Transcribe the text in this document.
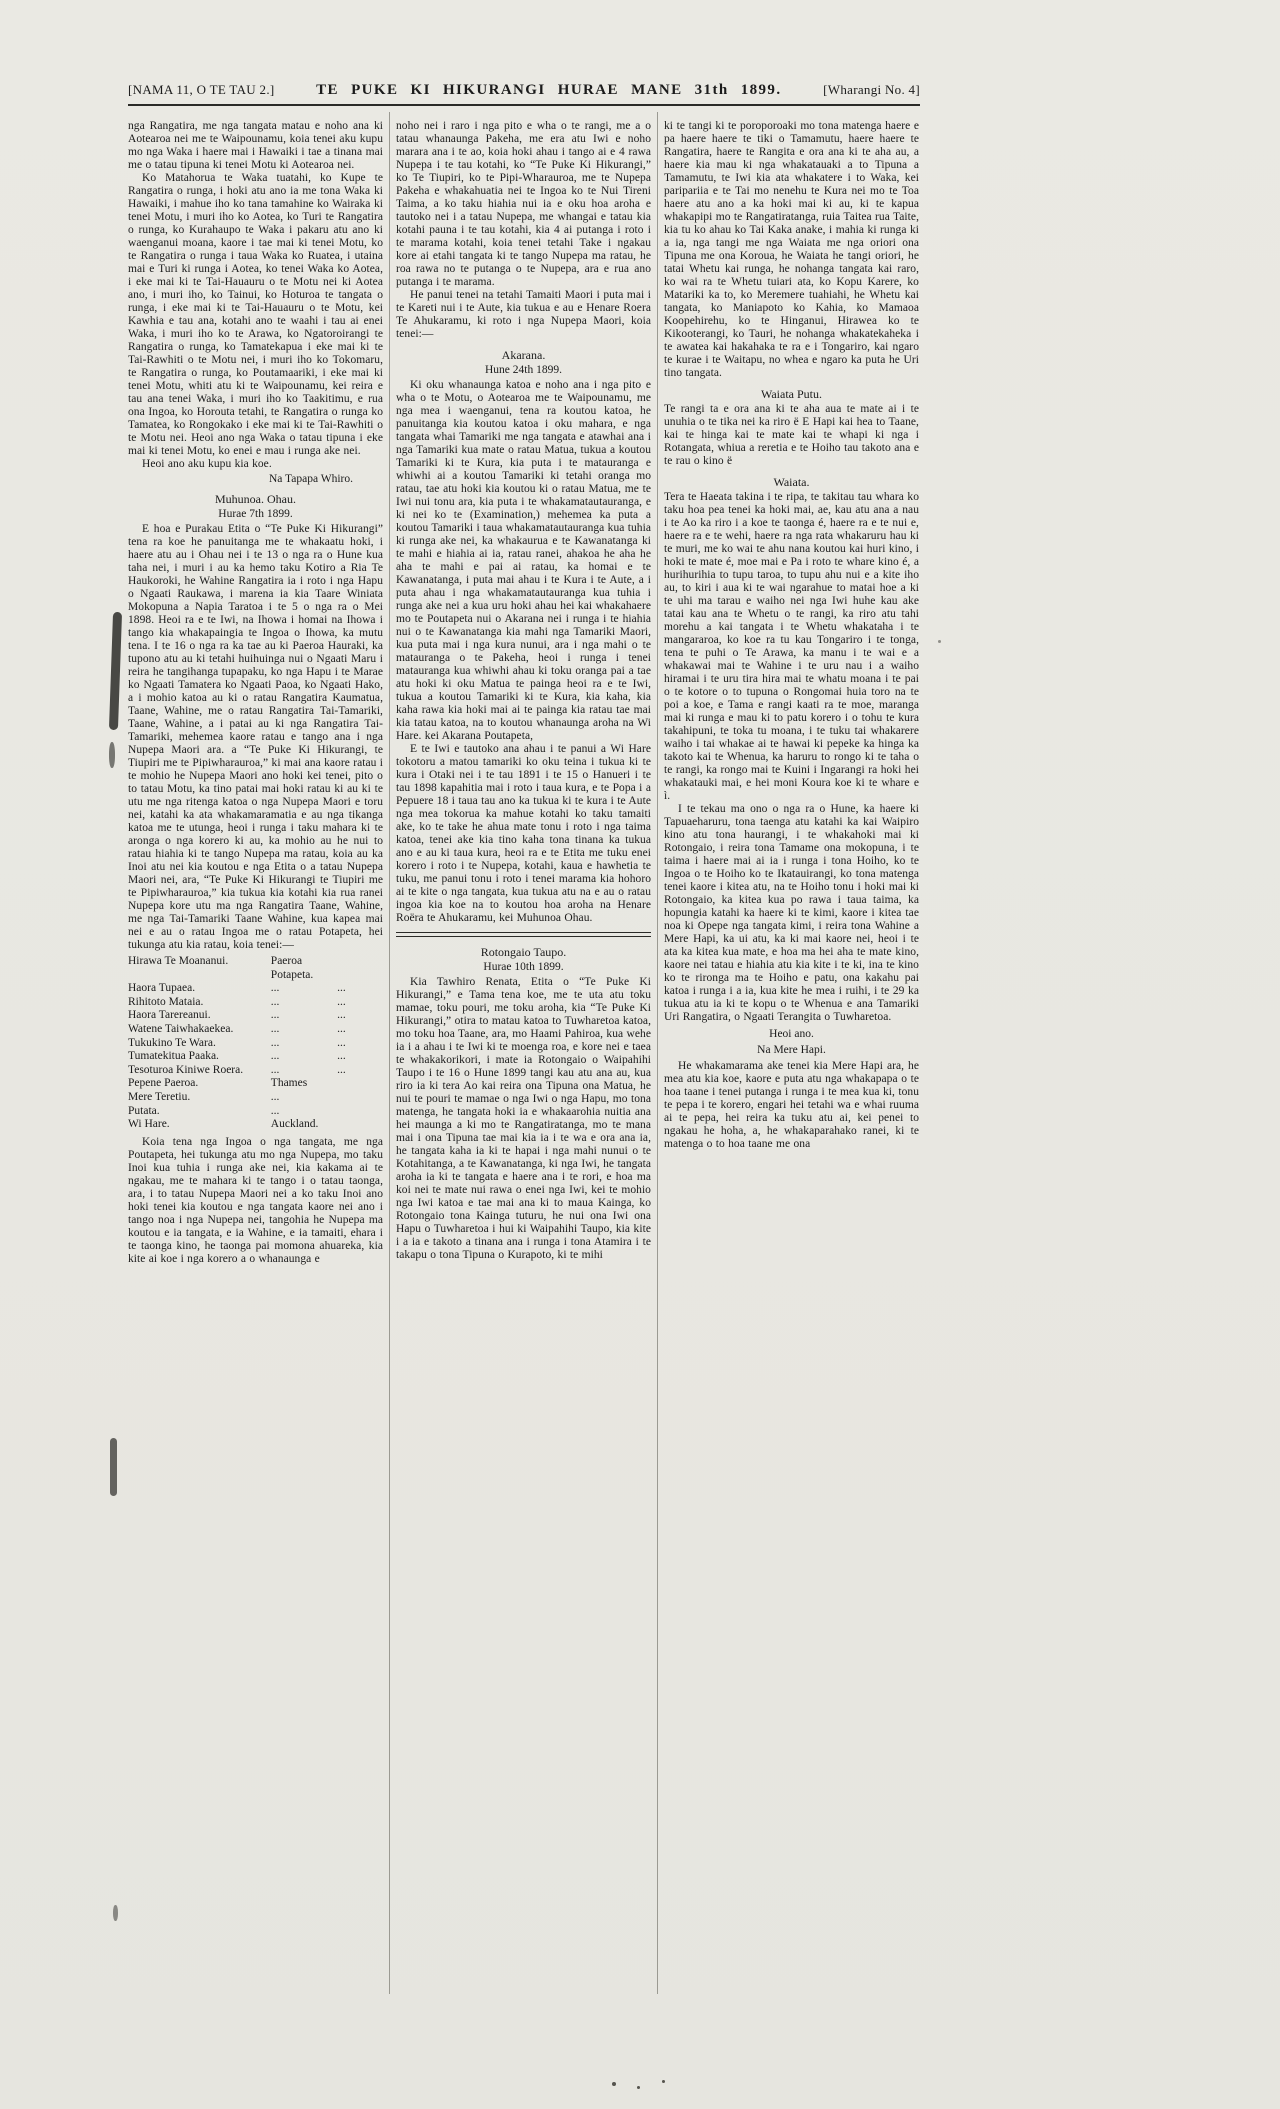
[NAMA 11, O TE TAU 2.]	TE PUKE KI HIKURANGI HURAE MANE 31th 1899.	[Wharangi No. 4]

nga Rangatira, me nga tangata matau e noho ana ki Aotearoa nei me te Waipounamu, koia tenei aku kupu mo nga Waka i haere mai i Hawaiki i tae a tinana mai me o tatau tipuna ki tenei Motu ki Aotearoa nei.

Ko Matahorua te Waka tuatahi, ko Kupe te Rangatira o runga, i hoki atu ano ia me tona Waka ki Hawaiki, i mahue iho ko tana tamahine ko Wairaka ki tenei Motu, i muri iho ko Aotea, ko Turi te Rangatira o runga, ko Kurahaupo te Waka i pakaru atu ano ki waenganui moana, kaore i tae mai ki tenei Motu, ko te Rangatira o runga i taua Waka ko Ruatea, i utaina mai e Turi ki runga i Aotea, ko tenei Waka ko Aotea, i eke mai ki te Tai-Hauauru o te Motu nei ki Aotea ano, i muri iho, ko Tainui, ko Hoturoa te tangata o runga, i eke mai ki te Tai-Hauauru o te Motu, kei Kawhia e tau ana, kotahi ano te waahi i tau ai enei Waka, i muri iho ko te Arawa, ko Ngatoroirangi te Rangatira o runga, ko Tamatekapua i eke mai ki te Tai-Rawhiti o te Motu nei, i muri iho ko Tokomaru, te Rangatira o runga, ko Poutamaariki, i eke mai ki tenei Motu, whiti atu ki te Waipounamu, kei reira e tau ana tenei Waka, i muri iho ko Taakitimu, e rua ona Ingoa, ko Horouta tetahi, te Rangatira o runga ko Tamatea, ko Rongokako i eke mai ki te Tai-Rawhiti o te Motu nei. Heoi ano nga Waka o tatau tipuna i eke mai ki tenei Motu, ko enei e mau i runga ake nei.

Heoi ano aku kupu kia koe.

Na Tapapa Whiro.
Muhunoa. Ohau.
Hurae 7th 1899.

E hoa e Purakau Etita o “Te Puke Ki Hikurangi” tena ra koe he panuitanga me te whakaatu hoki, i haere atu au i Ohau nei i te 13 o nga ra o Hune kua taha nei, i muri i au ka hemo taku Kotiro a Ria Te Haukoroki, he Wahine Rangatira ia i roto i nga Hapu o Ngaati Raukawa, i marena ia kia Taare Winiata Mokopuna a Napia Taratoa i te 5 o nga ra o Mei 1898. Heoi ra e te Iwi, na Ihowa i homai na Ihowa i tango kia whakapaingia te Ingoa o Ihowa, ka mutu tena. I te 16 o nga ra ka tae au ki Paeroa Hauraki, ka tupono atu au ki tetahi huihuinga nui o Ngaati Maru i reira he tangihanga tupapaku, ko nga Hapu i te Marae ko Ngaati Tamatera ko Ngaati Paoa, ko Ngaati Hako, a i mohio katoa au ki o ratau Rangatira Kaumatua, Taane, Wahine, me o ratau Rangatira Tai-Tamariki, Taane, Wahine, a i patai au ki nga Rangatira Tai-Tamariki, mehemea kaore ratau e tango ana i nga Nupepa Maori ara. a “Te Puke Ki Hikurangi, te Tiupiri me te Pipiwharauroa,” ki mai ana kaore ratau i te mohio he Nupepa Maori ano hoki kei tenei, pito o to tatau Motu, ka tino patai mai hoki ratau ki au ki te utu me nga ritenga katoa o nga Nupepa Maori e toru nei, katahi ka ata whakamaramatia e au nga tikanga katoa me te utunga, heoi i runga i taku mahara ki te aronga o nga korero ki au, ka mohio au he nui to ratau hiahia ki te tango Nupepa ma ratau, koia au ka Inoi atu nei kia koutou e nga Etita o a tatau Nupepa Maori nei, ara, “Te Puke Ki Hikurangi te Tiupiri me te Pipiwharauroa,” kia tukua kia kotahi kia rua ranei Nupepa kore utu ma nga Rangatira Taane, Wahine, me nga Tai-Tamariki Taane Wahine, kua kapea mai nei e au o ratau Ingoa me o ratau Potapeta, hei tukunga atu kia ratau, koia tenei:—

Hirawa Te Moananui.	Paeroa Potapeta.
Haora Tupaea.	...	...
Rihitoto Mataia.	...	...
Haora Tarereanui.	...	...
Watene Taiwhakaekea.	...	...
Tukukino Te Wara.	...	...
Tumatekitua Paaka.	...	...
Tesoturoa Kiniwe Roera.	...	...
Pepene Paeroa.	Thames
Mere Teretiu.	...
Putata.	...
Wi Hare.	Auckland.

Koia tena nga Ingoa o nga tangata, me nga Poutapeta, hei tukunga atu mo nga Nupepa, mo taku Inoi kua tuhia i runga ake nei, kia kakama ai te ngakau, me te mahara ki te tango i o tatau taonga, ara, i to tatau Nupepa Maori nei a ko taku Inoi ano hoki tenei kia koutou e nga tangata kaore nei ano i tango noa i nga Nupepa nei, tangohia he Nupepa ma koutou e ia tangata, e ia Wahine, e ia tamaiti, ehara i te taonga kino, he taonga pai momona ahuareka, kia kite ai koe i nga korero a o whanaunga e

noho nei i raro i nga pito e wha o te rangi, me a o tatau whanaunga Pakeha, me era atu Iwi e noho marara ana i te ao, koia hoki ahau i tango ai e 4 rawa Nupepa i te tau kotahi, ko “Te Puke Ki Hikurangi,” ko Te Tiupiri, ko te Pipi-Wharauroa, me te Nupepa Pakeha e whakahuatia nei te Ingoa ko te Nui Tireni Taima, a ko taku hiahia nui ia e oku hoa aroha e tautoko nei i a tatau Nupepa, me whangai e tatau kia kotahi pauna i te tau kotahi, kia 4 ai putanga i roto i te marama kotahi, koia tenei tetahi Take i ngakau kore ai etahi tangata ki te tango Nupepa ma ratau, he roa rawa no te putanga o te Nupepa, ara e rua ano putanga i te marama.

He panui tenei na tetahi Tamaiti Maori i puta mai i te Kareti nui i te Aute, kia tukua e au e Henare Roera Te Ahukaramu, ki roto i nga Nupepa Maori, koia tenei:—

Akarana.
Hune 24th 1899.

Ki oku whanaunga katoa e noho ana i nga pito e wha o te Motu, o Aotearoa me te Waipounamu, me nga mea i waenganui, tena ra koutou katoa, he panuitanga kia koutou katoa i oku mahara, e nga tangata whai Tamariki me nga tangata e atawhai ana i nga Tamariki kua mate o ratau Matua, tukua a koutou Tamariki ki te Kura, kia puta i te matauranga e whiwhi ai a koutou Tamariki ki tetahi oranga mo ratau, tae atu hoki kia koutou ki o ratau Matua, me te Iwi nui tonu ara, kia puta i te whakamatautauranga, e ki nei ko te (Examination,) mehemea ka puta a koutou Tamariki i taua whakamatautauranga kua tuhia ki runga ake nei, ka whakaurua e te Kawanatanga ki te mahi e hiahia ai ia, ratau ranei, ahakoa he aha he aha te mahi e pai ai ratau, ka homai e te Kawanatanga, i puta mai ahau i te Kura i te Aute, a i puta ahau i nga whakamatautauranga kua tuhia i runga ake nei a kua uru hoki ahau hei kai whakahaere mo te Poutapeta nui o Akarana nei i runga i te hiahia nui o te Kawanatanga kia mahi nga Tamariki Maori, kua puta mai i nga kura nunui, ara i nga mahi o te matauranga o te Pakeha, heoi i runga i tenei matauranga kua whiwhi ahau ki toku oranga pai a tae atu hoki ki oku Matua te painga heoi ra e te Iwi, tukua a koutou Tamariki ki te Kura, kia kaha, kia kaha rawa kia hoki mai ai te painga kia ratau tae mai kia tatau katoa, na to koutou whanaunga aroha na Wi Hare. kei Akarana Poutapeta,

E te Iwi e tautoko ana ahau i te panui a Wi Hare tokotoru a matou tamariki ko oku teina i tukua ki te kura i Otaki nei i te tau 1891 i te 15 o Hanueri i te tau 1898 kapahitia mai i roto i taua kura, e te Popa i a Pepuere 18 i taua tau ano ka tukua ki te kura i te Aute nga mea tokorua ka mahue kotahi ko taku tamaiti ake, ko te take he ahua mate tonu i roto i nga taima katoa, tenei ake kia tino kaha tona tinana ka tukua ano e au ki taua kura, heoi ra e te Etita me tuku enei korero i roto i te Nupepa, kotahi, kaua e hawhetia te tuku, me panui tonu i roto i tenei marama kia hohoro ai te kite o nga tangata, kua tukua atu na e au o ratau ingoa kia koe na to koutou hoa aroha na Henare Roëra te Ahukaramu, kei Muhunoa Ohau.

Rotongaio Taupo.
Hurae 10th 1899.

Kia Tawhiro Renata, Etita o “Te Puke Ki Hikurangi,” e Tama tena koe, me te uta atu toku mamae, toku pouri, me toku aroha, kia “Te Puke Ki Hikurangi,” otira to matau katoa to Tuwharetoa katoa, mo toku hoa Taane, ara, mo Haami Pahiroa, kua wehe ia i a ahau i te Iwi ki te moenga roa, e kore nei e taea te whakakorikori, i mate ia Rotongaio o Waipahihi Taupo i te 16 o Hune 1899 tangi kau atu ana au, kua riro ia ki tera Ao kai reira ona Tipuna ona Matua, he nui te pouri te mamae o nga Iwi o nga Hapu, mo tona matenga, he tangata hoki ia e whakaarohia nuitia ana hei maunga a ki mo te Rangatiratanga, mo te mana mai i ona Tipuna tae mai kia ia i te wa e ora ana ia, he tangata kaha ia ki te hapai i nga mahi nunui o te Kotahitanga, a te Kawanatanga, ki nga Iwi, he tangata aroha ia ki te tangata e haere ana i te rori, e hoa ma koi nei te mate nui rawa o enei nga Iwi, kei te mohio nga Iwi katoa e tae mai ana ki to maua Kainga, ko Rotongaio tona Kainga tuturu, he nui ona Iwi ona Hapu o Tuwharetoa i hui ki Waipahihi Taupo, kia kite i a ia e takoto a tinana ana i runga i tona Atamira i te takapu o tona Tipuna o Kurapoto, ki te mihi

ki te tangi ki te poroporoaki mo tona matenga haere e pa haere haere te tiki o Tamamutu, haere haere te Rangatira, haere te Rangita e ora ana ki te aha au, a haere kia mau ki nga whakatauaki a to Tipuna a Tamamutu, te Iwi kia ata whakatere i to Waka, kei paripariia e te Tai mo nenehu te Kura nei mo te Toa haere atu ano a ka hoki mai ki au, ki te kapua whakapipi mo te Rangatiratanga, ruia Taitea rua Taite, kia tu ko ahau ko Tai Kaka anake, i mahia ki runga ki a ia, nga tangi me nga Waiata me nga oriori ona Tipuna me ona Koroua, he Waiata he tangi oriori, he tatai Whetu kai runga, he nohanga tangata kai raro, ko wai ra te Whetu tuiari ata, ko Kopu Karere, ko Matariki ka to, ko Meremere tuahiahi, he Whetu kai tangata, ko Maniapoto ko Kahia, ko Mamaoa Koopehirehu, ko te Hinganui, Hirawea ko te Kikooterangi, ko Tauri, he nohanga whakatekaheka i te awatea kai hakahaka te ra e i Tongariro, kai ngaro te kurae i te Waitapu, no whea e ngaro ka puta he Uri tino tangata.

Waiata Putu.

Te rangi ta e ora ana ki te aha aua te mate ai i te unuhia o te tika nei ka riro ë E Hapi kai hea to Taane, kai te hinga kai te mate kai te whapi ki nga i Rotangata, whiua a reretia e te Hoiho tau takoto ana e te rau o kino ë

Waiata.

Tera te Haeata takina i te ripa, te takitau tau whara ko taku hoa pea tenei ka hoki mai, ae, kau atu ana a nau i te Ao ka riro i a koe te taonga é, haere ra e te nui e, haere ra e te wehi, haere ra nga rata whakaruru hau ki te muri, me ko wai te ahu nana koutou kai huri kino, i hoki te mate é, moe mai e Pa i roto te whare kino é, a hurihurihia to tupu taroa, to tupu ahu nui e a kite iho au, to kiri i aua ki te wai ngarahue to matai hoe a ki te uhi ma tarau e waiho nei nga Iwi huhe kau ake tatai kau ana te Whetu o te rangi, ka riro atu tahi morehu a kai tangata i te Whetu whakataha i te mangararoa, ko koe ra tu kau Tongariro i te tonga, tena te puhi o Te Arawa, ka manu i te wai e a whakawai mai te Wahine i te uru nau i a waiho hiramai i te uru tira hira mai te whatu moana i te pai o te kotore o to tupuna o Rongomai huia toro na te poi a koe, e Tama e rangi kaati ra te moe, maranga mai ki runga e mau ki to patu korero i o tohu te kura takahipuni, te toka tu moana, i te tuku tai whakarere waiho i tai whakae ai te hawai ki pepeke ka hinga ka takoto kai te Whenua, ka haruru to rongo ki te taha o te rangi, ka rongo mai te Kuini i Ingarangi ra hoki hei whakatauki mai, e hei moni Koura koe ki te whare e ì.

I te tekau ma ono o nga ra o Hune, ka haere ki Tapuaeharuru, tona taenga atu katahi ka kai Waipiro kino atu tona haurangi, i te whakahoki mai ki Rotongaio, i reira tona Tamame ona mokopuna, i te taima i haere mai ai ia i runga i tona Hoiho, ko te Ingoa o te Hoiho ko te Ikatauirangi, ko tona matenga tenei kaore i kitea atu, na te Hoiho tonu i hoki mai ki Rotongaio, ka kitea kua po rawa i taua taima, ka hopungia katahi ka haere ki te kimi, kaore i kitea tae noa ki Opepe nga tangata kimi, i reira tona Wahine a Mere Hapi, ka ui atu, ka ki mai kaore nei, heoi i te ata ka kitea kua mate, e hoa ma hei aha te mate kino, kaore nei tatau e hiahia atu kia kite i te ki, ina te kino ko te rironga ma te Hoiho e patu, ona kakahu pai katoa i runga i a ia, kua kite he mea i ruihi, i te 29 ka tukua atu ia ki te kopu o te Whenua e ana Tamariki Uri Rangatira, o Ngaati Terangita o Tuwharetoa.

Heoi ano.
Na Mere Hapi.

He whakamarama ake tenei kia Mere Hapi ara, he mea atu kia koe, kaore e puta atu nga whakapapa o te hoa taane i tenei putanga i runga i te mea kua ki, tonu te pepa i te korero, engari hei tetahi wa e whai ruuma ai te pepa, hei reira ka tuku atu ai, kei penei to ngakau he hoha, a, he whakaparahako ranei, ki te matenga o to hoa taane me ona
